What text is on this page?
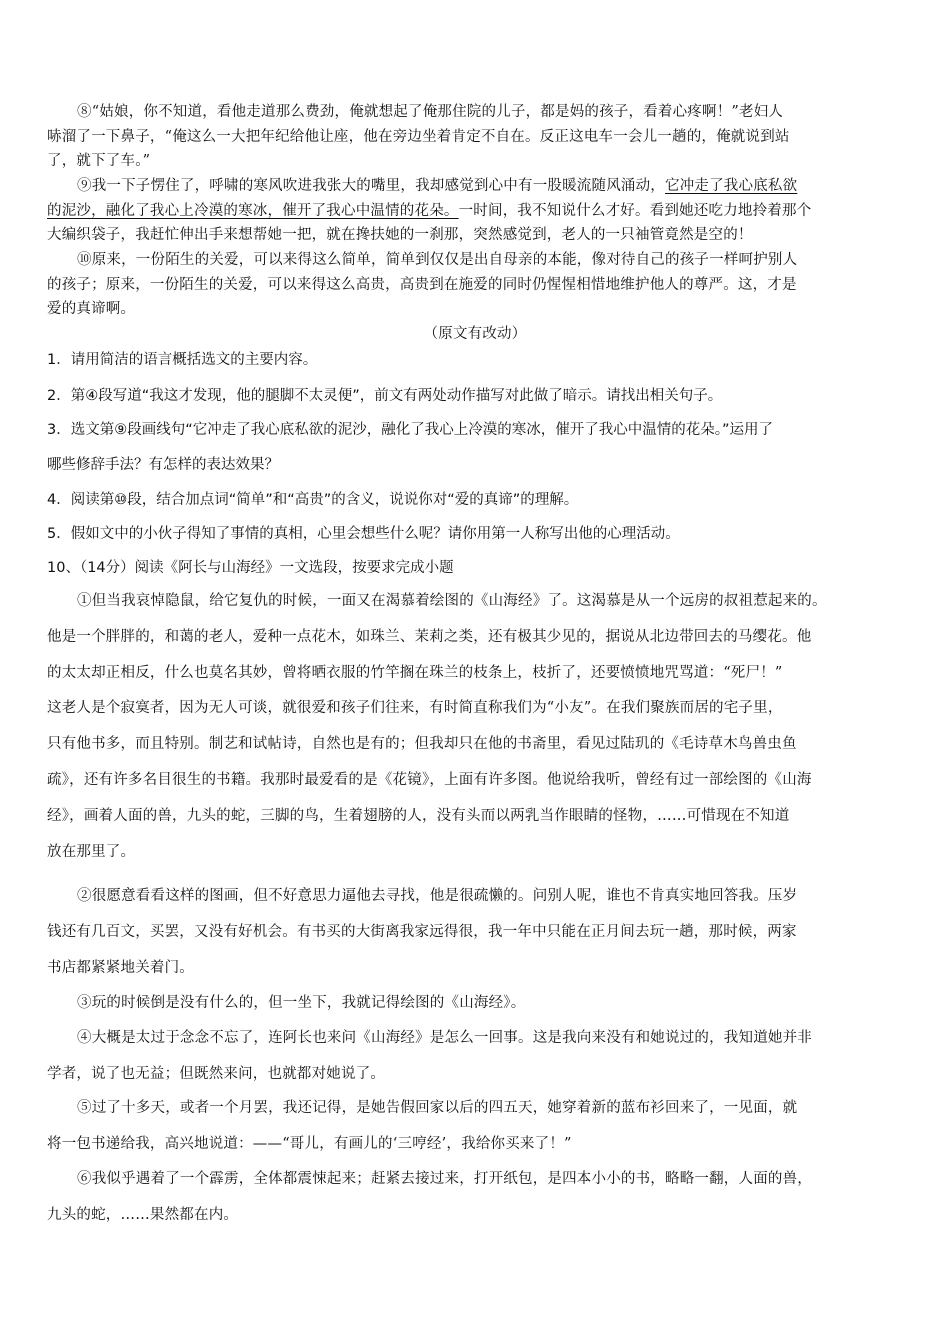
⑧“姑娘，你不知道，看他走道那么费劲，俺就想起了俺那住院的儿子，都是妈的孩子，看着心疼啊！”老妇人
哧溜了一下鼻子，“俺这么一大把年纪给他让座，他在旁边坐着肯定不自在。反正这电车一会儿一趟的，俺就说到站
了，就下了车。”
⑨我一下子愣住了，呼啸的寒风吹进我张大的嘴里，我却感觉到心中有一股暖流随风涌动，它冲走了我心底私欲
的泥沙，融化了我心上冷漠的寒冰，催开了我心中温情的花朵。一时间，我不知说什么才好。看到她还吃力地拎着那个
大编织袋子，我赶忙伸出手来想帮她一把，就在搀扶她的一刹那，突然感觉到，老人的一只袖管竟然是空的！
⑩原来，一份陌生的关爱，可以来得这么简单，简单到仅仅是出自母亲的本能，像对待自己的孩子一样呵护别人
的孩子；原来，一份陌生的关爱，可以来得这么高贵，高贵到在施爱的同时仍惺惺相惜地维护他人的尊严。这，才是
爱的真谛啊。
（原文有改动）
1．请用简洁的语言概括选文的主要内容。
2．第④段写道“我这才发现，他的腿脚不太灵便”，前文有两处动作描写对此做了暗示。请找出相关句子。
3．选文第⑨段画线句“它冲走了我心底私欲的泥沙，融化了我心上冷漠的寒冰，催开了我心中温情的花朵。”运用了
哪些修辞手法？有怎样的表达效果？
4．阅读第⑩段，结合加点词“简单”和“高贵”的含义，说说你对“爱的真谛”的理解。
5．假如文中的小伙子得知了事情的真相，心里会想些什么呢？请你用第一人称写出他的心理活动。
10、（14分）阅读《阿长与山海经》一文选段，按要求完成小题
①但当我哀悼隐鼠，给它复仇的时候，一面又在渴慕着绘图的《山海经》了。这渴慕是从一个远房的叔祖惹起来的。
他是一个胖胖的，和蔼的老人，爱种一点花木，如珠兰、茉莉之类，还有极其少见的，据说从北边带回去的马缨花。他
的太太却正相反，什么也莫名其妙，曾将晒衣服的竹竿搁在珠兰的枝条上，枝折了，还要愤愤地咒骂道：“死尸！”
这老人是个寂寞者，因为无人可谈，就很爱和孩子们往来，有时简直称我们为“小友”。在我们聚族而居的宅子里，
只有他书多，而且特别。制艺和试帖诗，自然也是有的；但我却只在他的书斋里，看见过陆玑的《毛诗草木鸟兽虫鱼
疏》，还有许多名目很生的书籍。我那时最爱看的是《花镜》，上面有许多图。他说给我听，曾经有过一部绘图的《山海
经》，画着人面的兽，九头的蛇，三脚的鸟，生着翅膀的人，没有头而以两乳当作眼睛的怪物，……可惜现在不知道
放在那里了。
②很愿意看看这样的图画，但不好意思力逼他去寻找，他是很疏懒的。问别人呢，谁也不肯真实地回答我。压岁
钱还有几百文，买罢，又没有好机会。有书买的大街离我家远得很，我一年中只能在正月间去玩一趟，那时候，两家
书店都紧紧地关着门。
③玩的时候倒是没有什么的，但一坐下，我就记得绘图的《山海经》。
④大概是太过于念念不忘了，连阿长也来问《山海经》是怎么一回事。这是我向来没有和她说过的，我知道她并非
学者，说了也无益；但既然来问，也就都对她说了。
⑤过了十多天，或者一个月罢，我还记得，是她告假回家以后的四五天，她穿着新的蓝布衫回来了，一见面，就
将一包书递给我，高兴地说道：——“哥儿，有画儿的‘三哼经’，我给你买来了！”
⑥我似乎遇着了一个霹雳，全体都震悚起来；赶紧去接过来，打开纸包，是四本小小的书，略略一翻，人面的兽，
九头的蛇，……果然都在内。
